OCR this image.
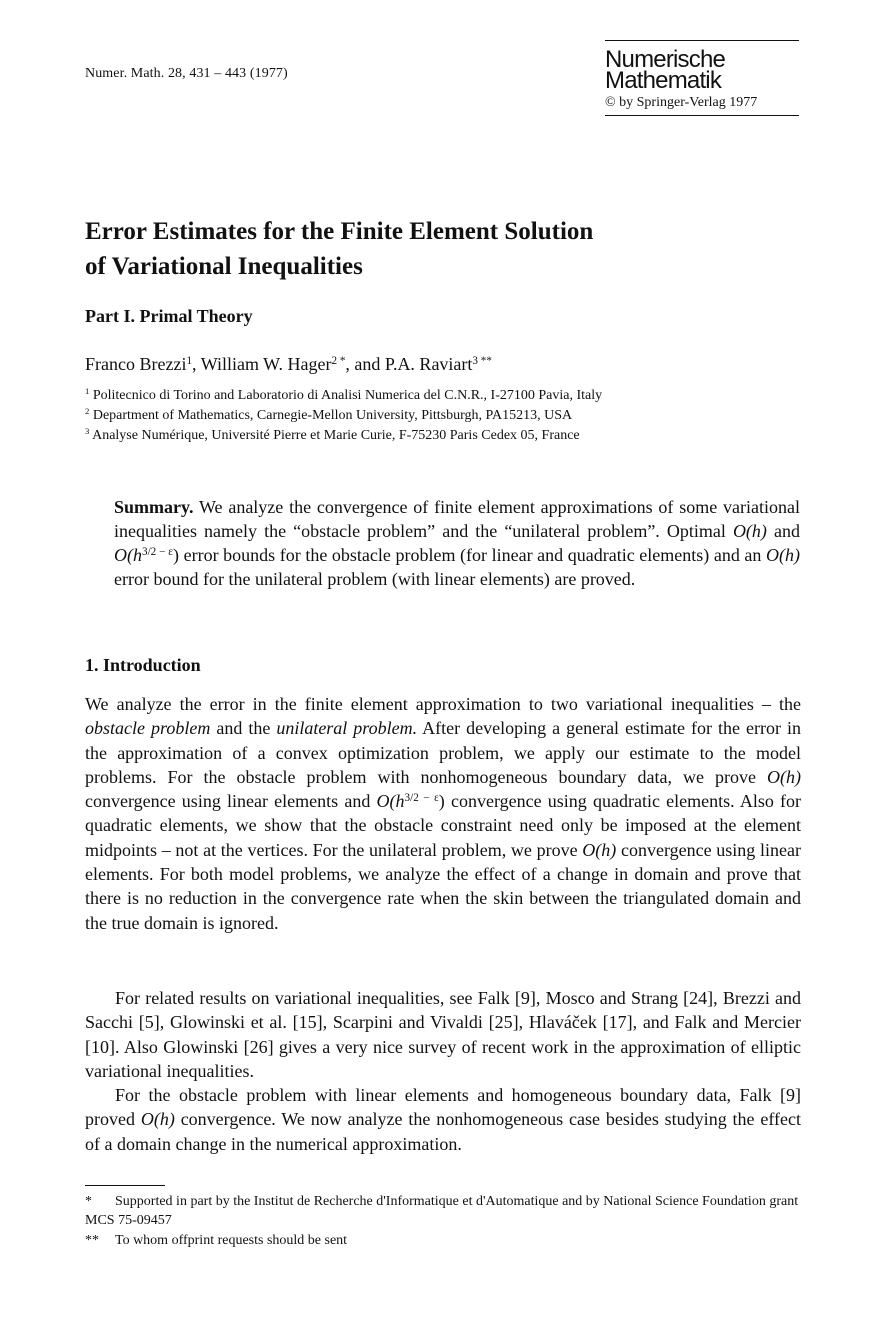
Numer. Math. 28, 431 – 443 (1977)
Numerische
Mathematik
© by Springer-Verlag 1977
Error Estimates for the Finite Element Solution
of Variational Inequalities
Part I. Primal Theory
Franco Brezzi$^1$, William W. Hager$^{2 *}$, and P.A. Raviart$^{3 **}$
$^1$ Politecnico di Torino and Laboratorio di Analisi Numerica del C.N.R., I-27100 Pavia, Italy
$^2$ Department of Mathematics, Carnegie-Mellon University, Pittsburgh, PA15213, USA
$^3$ Analyse Numérique, Université Pierre et Marie Curie, F-75230 Paris Cedex 05, France
Summary. We analyze the convergence of finite element approximations of some variational inequalities namely the “obstacle problem” and the “unilateral problem”. Optimal O(h) and $O(h^{3/2 - \varepsilon})$ error bounds for the obstacle problem (for linear and quadratic elements) and an O(h) error bound for the unilateral problem (with linear elements) are proved.
1. Introduction
We analyze the error in the finite element approximation to two variational inequalities – the obstacle problem and the unilateral problem. After developing a general estimate for the error in the approximation of a convex optimization problem, we apply our estimate to the model problems. For the obstacle problem with nonhomogeneous boundary data, we prove O(h) convergence using linear elements and $O(h^{3/2 - \varepsilon})$ convergence using quadratic elements. Also for quadratic elements, we show that the obstacle constraint need only be imposed at the element midpoints – not at the vertices. For the unilateral problem, we prove O(h) convergence using linear elements. For both model problems, we analyze the effect of a change in domain and prove that there is no reduction in the convergence rate when the skin between the triangulated domain and the true domain is ignored.
For related results on variational inequalities, see Falk [9], Mosco and Strang [24], Brezzi and Sacchi [5], Glowinski et al. [15], Scarpini and Vivaldi [25], Hlaváček [17], and Falk and Mercier [10]. Also Glowinski [26] gives a very nice survey of recent work in the approximation of elliptic variational inequalities.
For the obstacle problem with linear elements and homogeneous boundary data, Falk [9] proved O(h) convergence. We now analyze the nonhomogeneous case besides studying the effect of a domain change in the numerical approximation.
* Supported in part by the Institut de Recherche d'Informatique et d'Automatique and by National Science Foundation grant MCS 75-09457
** To whom offprint requests should be sent
